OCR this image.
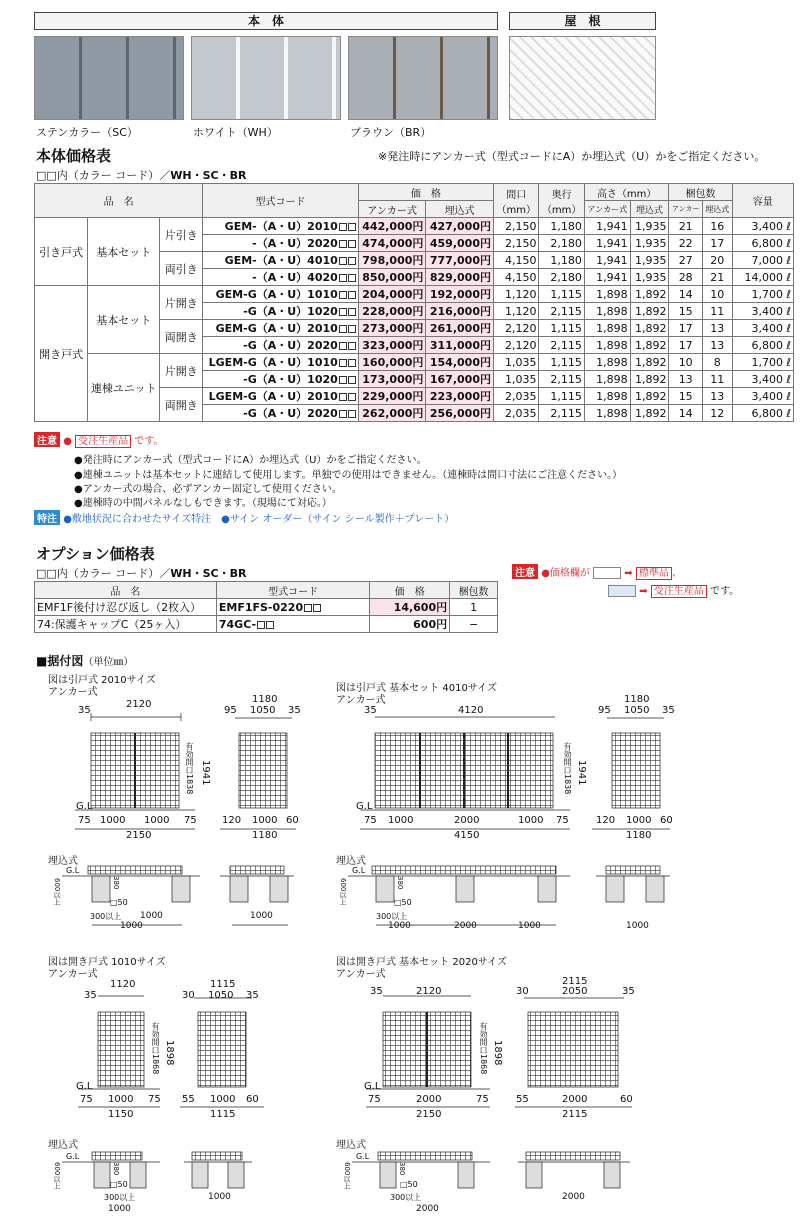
本　体	屋　根
ステンカラー（SC）	ホワイト（WH）	ブラウン（BR）
本体価格表	※発注時にアンカー式（型式コードにA）か埋込式（U）かをご指定ください。
□□内（カラー コード）／WH・SC・BR
品　名			型式コード	価　格		間口
（mm）	奥行
（mm）	高さ（mm）		梱包数		容量
				アンカー式	埋込式			アンカー式	埋込式	アンカー	埋込式	
引き戸式	基本セット	片引き	GEM-（A・U）2010	442,000円	427,000円	2,150	1,180	1,941	1,935	21	16	3,400 ℓ
			-（A・U）2020	474,000円	459,000円	2,150	2,180	1,941	1,935	22	17	6,800 ℓ
		両引き	GEM-（A・U）4010	798,000円	777,000円	4,150	1,180	1,941	1,935	27	20	7,000 ℓ
			-（A・U）4020	850,000円	829,000円	4,150	2,180	1,941	1,935	28	21	14,000 ℓ
開き戸式	基本セット	片開き	GEM-G（A・U）1010	204,000円	192,000円	1,120	1,115	1,898	1,892	14	10	1,700 ℓ
			-G（A・U）1020	228,000円	216,000円	1,120	2,115	1,898	1,892	15	11	3,400 ℓ
		両開き	GEM-G（A・U）2010	273,000円	261,000円	2,120	1,115	1,898	1,892	17	13	3,400 ℓ
			-G（A・U）2020	323,000円	311,000円	2,120	2,115	1,898	1,892	17	13	6,800 ℓ
	連棟ユニット	片開き	LGEM-G（A・U）1010	160,000円	154,000円	1,035	1,115	1,898	1,892	10	8	1,700 ℓ
			-G（A・U）1020	173,000円	167,000円	1,035	2,115	1,898	1,892	13	11	3,400 ℓ
		両開き	LGEM-G（A・U）2010	229,000円	223,000円	2,035	1,115	1,898	1,892	15	13	3,400 ℓ
			-G（A・U）2020	262,000円	256,000円	2,035	2,115	1,898	1,892	14	12	6,800 ℓ
注意 ● 受注生産品 です。
●発注時にアンカー式（型式コードにA）か埋込式（U）かをご指定ください。
●連棟ユニットは基本セットに連結して使用します。単独での使用はできません。（連棟時は間口寸法にご注意ください。）
●アンカー式の場合、必ずアンカー固定して使用ください。
●連棟時の中間パネルなしもできます。（現場にて対応。）
特注 ●敷地状況に合わせたサイズ特注　●サイン オーダー（サイン シール製作＋プレート）
オプション価格表
□□内（カラー コード）／WH・SC・BR
品　名	型式コード	価　格	梱包数
EMF1F後付け忍び返し（2枚入）	EMF1FS-0220	14,600円	1
74:保護キャップC（25ヶ入）	74GC-	600円	−
注意 ●価格欄が	➡ 標準品 、
➡ 受注生産品 です。
■据付図（単位㎜）
図は引戸式 2010サイズ
アンカー式
2120
35
1180
95 1050 35
有効開口1838 1941
G.L
75 1000 1000 75
2150
120 1000 60
1180
図は引戸式 基本セット 4010サイズ
アンカー式
4120
35
1180
95 1050 35
有効開口1838 1941
G.L
75 1000	2000	1000 75
4150
120 1000 60
1180
埋込式
G.L
380
600以上	□50
300以上 1000
1000
1000
埋込式
G.L
380
600以上	□50
300以上
1000	2000	1000	1000
図は開き戸式 1010サイズ
アンカー式
1120
35
1115
30 1050 35
有効開口1868 1898
G.L
75 1000 75
1150
55 1000 60
1115
図は開き戸式 基本セット 2020サイズ
アンカー式
2120
35
2115
30	2050	35
有効開口1868 1898
G.L
75	2000	75
2150
55	2000	60
2115
埋込式
G.L
380
600以上	□50
300以上
1000
1000
埋込式
G.L
380
600以上	□50
300以上
2000
2000
